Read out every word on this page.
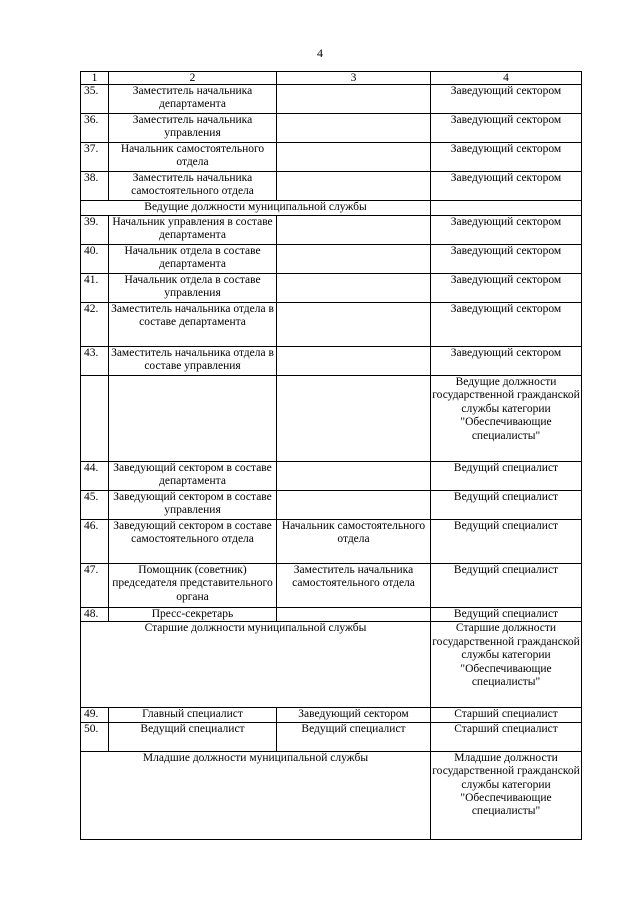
4
1	2	3	4
35.	Заместитель начальника департамента		Заведующий сектором
36.	Заместитель начальника управления		Заведующий сектором
37.	Начальник самостоятельного отдела		Заведующий сектором
38.	Заместитель начальника самостоятельного отдела		Заведующий сектором
Ведущие должности муниципальной службы			
39.	Начальник управления в составе департамента		Заведующий сектором
40.	Начальник отдела в составе департамента		Заведующий сектором
41.	Начальник отдела в составе управления		Заведующий сектором
42.	Заместитель начальника отдела в составе департамента		Заведующий сектором
43.	Заместитель начальника отдела в составе управления		Заведующий сектором
			Ведущие должности государственной гражданской службы категории "Обеспечивающие специалисты"
44.	Заведующий сектором в составе департамента		Ведущий специалист
45.	Заведующий сектором в составе управления		Ведущий специалист
46.	Заведующий сектором в составе самостоятельного отдела	Начальник самостоятельного отдела	Ведущий специалист
47.	Помощник (советник) председателя представительного органа	Заместитель начальника самостоятельного отдела	Ведущий специалист
48.	Пресс-секретарь		Ведущий специалист
Старшие должности муниципальной службы			Старшие должности государственной гражданской службы категории "Обеспечивающие специалисты"
49.	Главный специалист	Заведующий сектором	Старший специалист
50.	Ведущий специалист	Ведущий специалист	Старший специалист
Младшие должности муниципальной службы			Младшие должности государственной гражданской службы категории "Обеспечивающие специалисты"
